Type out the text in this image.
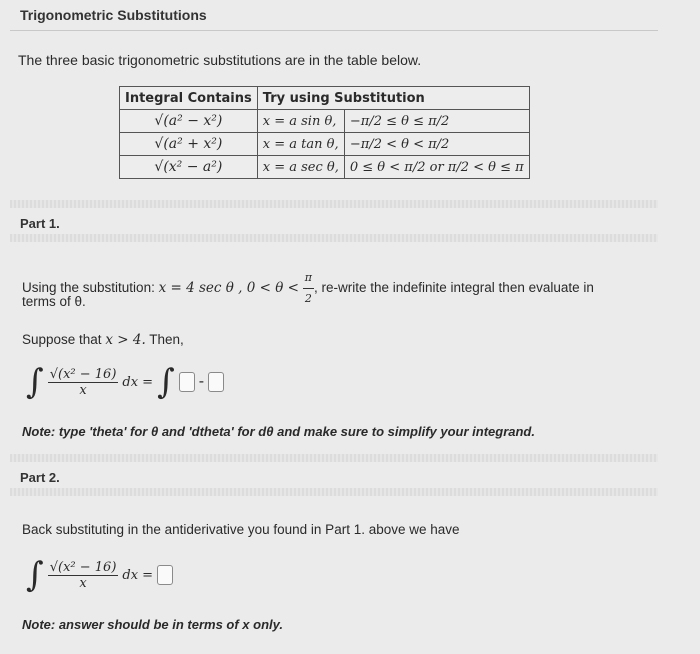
Trigonometric Substitutions
The three basic trigonometric substitutions are in the table below.
Integral Contains	Try using Substitution	
√(a² − x²)	x = a sin θ,	−π/2 ≤ θ ≤ π/2
√(a² + x²)	x = a tan θ,	−π/2 < θ < π/2
√(x² − a²)	x = a sec θ,	0 ≤ θ < π/2 or π/2 < θ ≤ π
Part 1.
Using the substitution: x = 4 sec θ , $0 < \theta < \frac{\pi}{2}$ , re-write the indefinite integral then evaluate in
terms of θ.
Suppose that x > 4. Then,
∫ $\frac{\text{√(x² − 16)}}{x}$ dx = ∫ -
Note: type 'theta' for θ and 'dtheta' for dθ and make sure to simplify your integrand.
Part 2.
Back substituting in the antiderivative you found in Part 1. above we have
∫ $\frac{\text{√(x² − 16)}}{x}$ dx =
Note: answer should be in terms of x only.
